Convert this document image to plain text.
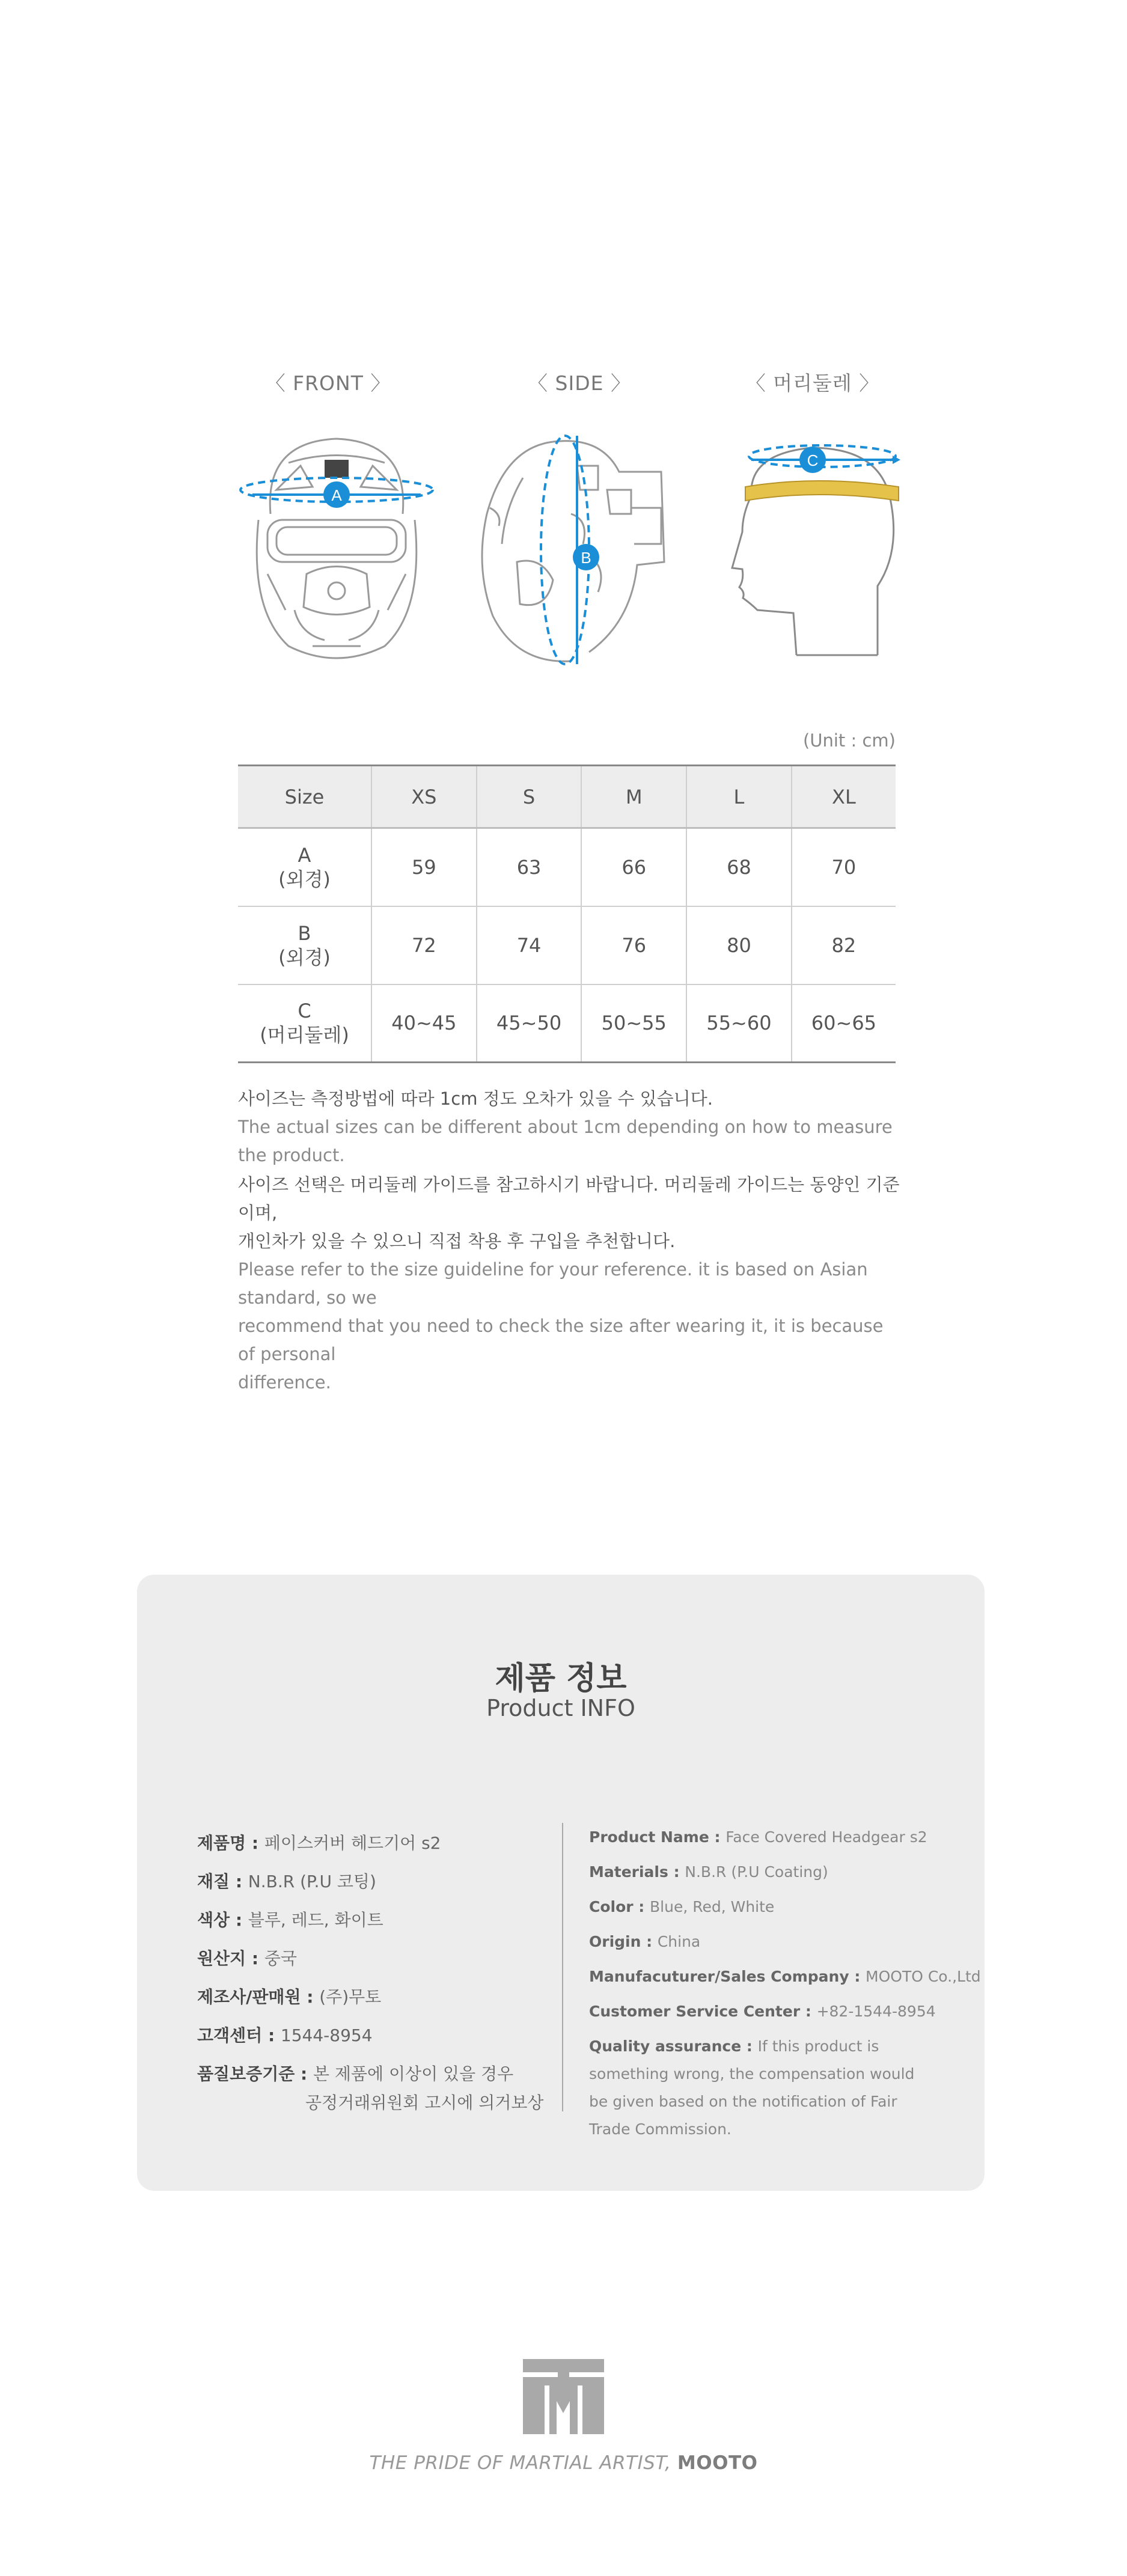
〈 FRONT 〉	〈 SIDE 〉	〈 머리둘레 〉
A
B
C
(Unit : cm)
Size	XS	S	M	L	XL
A
(외경)	59	63	66	68	70
B
(외경)	72	74	76	80	82
C
(머리둘레)	40~45	45~50	50~55	55~60	60~65
사이즈는 측정방법에 따라 1cm 정도 오차가 있을 수 있습니다.
The actual sizes can be different about 1cm depending on how to measure the product.
사이즈 선택은 머리둘레 가이드를 참고하시기 바랍니다. 머리둘레 가이드는 동양인 기준이며,
개인차가 있을 수 있으니 직접 착용 후 구입을 추천합니다.
Please refer to the size guideline for your reference. it is based on Asian standard, so we
recommend that you need to check the size after wearing it, it is because of personal
difference.
제품 정보
Product INFO
제품명 : 페이스커버 헤드기어 s2
재질 : N.B.R (P.U 코팅)
색상 : 블루, 레드, 화이트
원산지 : 중국
제조사/판매원 : (주)무토
고객센터 : 1544-8954
품질보증기준 : 본 제품에 이상이 있을 경우
공정거래위원회 고시에 의거보상
Product Name : Face Covered Headgear s2
Materials : N.B.R (P.U Coating)
Color : Blue, Red, White
Origin : China
Manufacuturer/Sales Company : MOOTO Co.,Ltd
Customer Service Center : +82-1544-8954
Quality assurance : If this product is something wrong, the compensation would be given based on the notification of Fair Trade Commission.
THE PRIDE OF MARTIAL ARTIST, MOOTO
